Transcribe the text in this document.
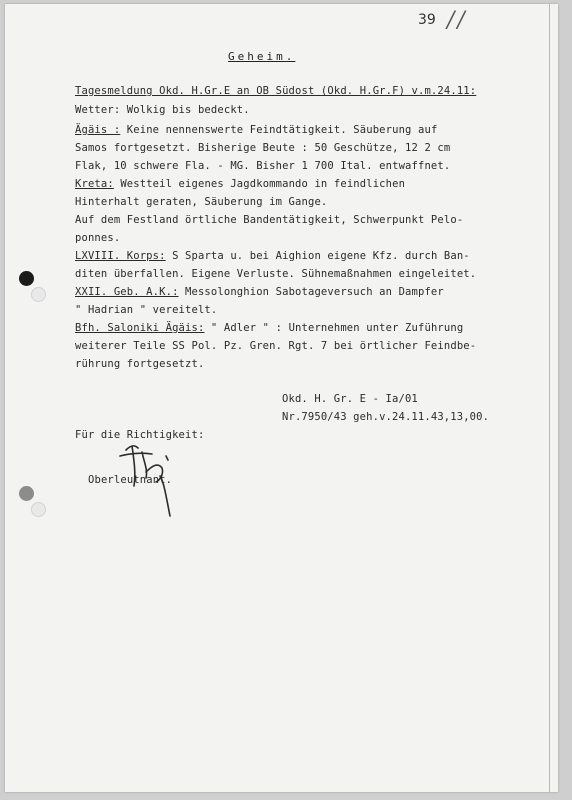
39 //
Geheim.
Tagesmeldung Okd. H.Gr.E an OB Südost (Okd. H.Gr.F) v.m.24.11:
Wetter: Wolkig bis bedeckt.
Ägäis : Keine nennenswerte Feindtätigkeit. Säuberung auf
Samos fortgesetzt. Bisherige Beute : 50 Geschütze, 12 2 cm
Flak, 10 schwere Fla. - MG. Bisher 1 700 Ital. entwaffnet.
Kreta: Westteil eigenes Jagdkommando in feindlichen
Hinterhalt geraten, Säuberung im Gange.
Auf dem Festland örtliche Bandentätigkeit, Schwerpunkt Pelo-
ponnes.
LXVIII. Korps: S Sparta u. bei Aighion eigene Kfz. durch Ban-
diten überfallen. Eigene Verluste. Sühnemaßnahmen eingeleitet.
XXII. Geb. A.K.: Messolonghion Sabotageversuch an Dampfer
" Hadrian " vereitelt.
Bfh. Saloniki Ägäis: " Adler " : Unternehmen unter Zuführung
weiterer Teile SS Pol. Pz. Gren. Rgt. 7 bei örtlicher Feindbe-
rührung fortgesetzt.
Okd. H. Gr. E - Ia/01
Nr.7950/43 geh.v.24.11.43,13,00.
Für die Richtigkeit:
Oberleutnant.
